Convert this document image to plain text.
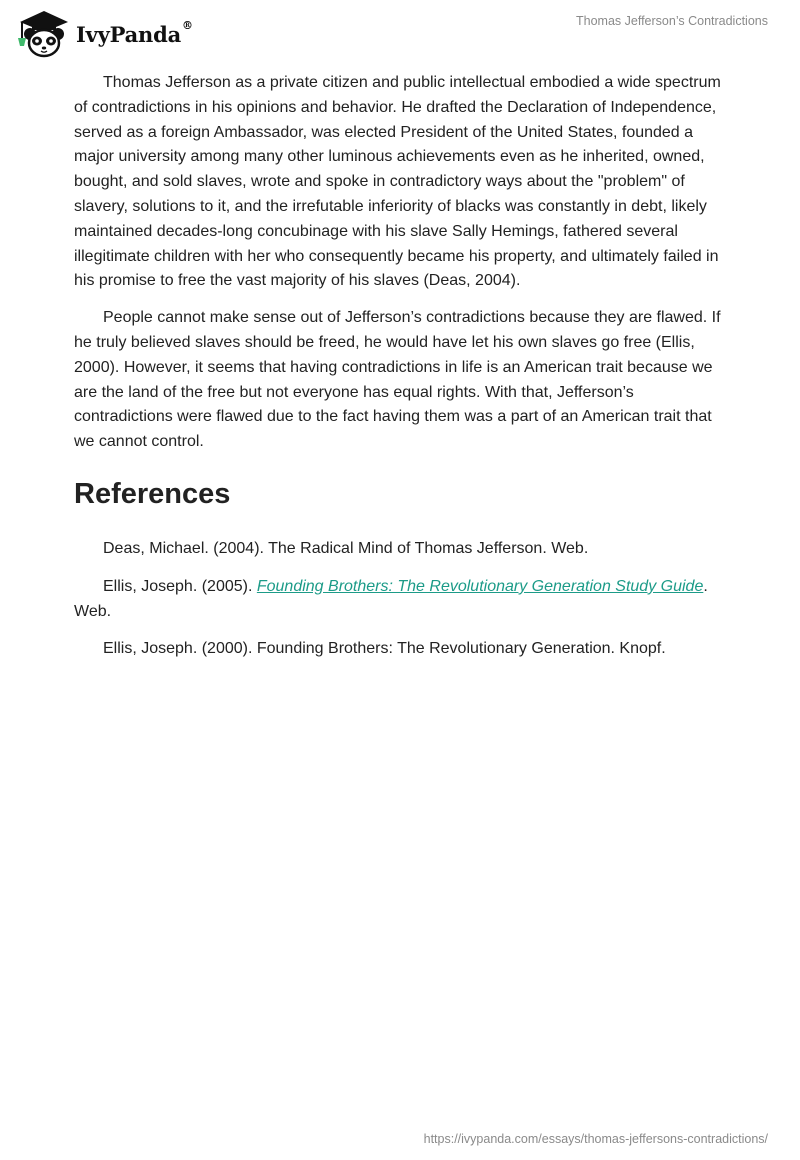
IvyPanda®	Thomas Jefferson’s Contradictions

Thomas Jefferson as a private citizen and public intellectual embodied a wide spectrum of contradictions in his opinions and behavior. He drafted the Declaration of Independence, served as a foreign Ambassador, was elected President of the United States, founded a major university among many other luminous achievements even as he inherited, owned, bought, and sold slaves, wrote and spoke in contradictory ways about the "problem" of slavery, solutions to it, and the irrefutable inferiority of blacks was constantly in debt, likely maintained decades-long concubinage with his slave Sally Hemings, fathered several illegitimate children with her who consequently became his property, and ultimately failed in his promise to free the vast majority of his slaves (Deas, 2004).

People cannot make sense out of Jefferson’s contradictions because they are flawed. If he truly believed slaves should be freed, he would have let his own slaves go free (Ellis, 2000). However, it seems that having contradictions in life is an American trait because we are the land of the free but not everyone has equal rights. With that, Jefferson’s contradictions were flawed due to the fact having them was a part of an American trait that we cannot control.

References

Deas, Michael. (2004). The Radical Mind of Thomas Jefferson. Web.

Ellis, Joseph. (2005). Founding Brothers: The Revolutionary Generation Study Guide. Web.

Ellis, Joseph. (2000). Founding Brothers: The Revolutionary Generation. Knopf.

https://ivypanda.com/essays/thomas-jeffersons-contradictions/
